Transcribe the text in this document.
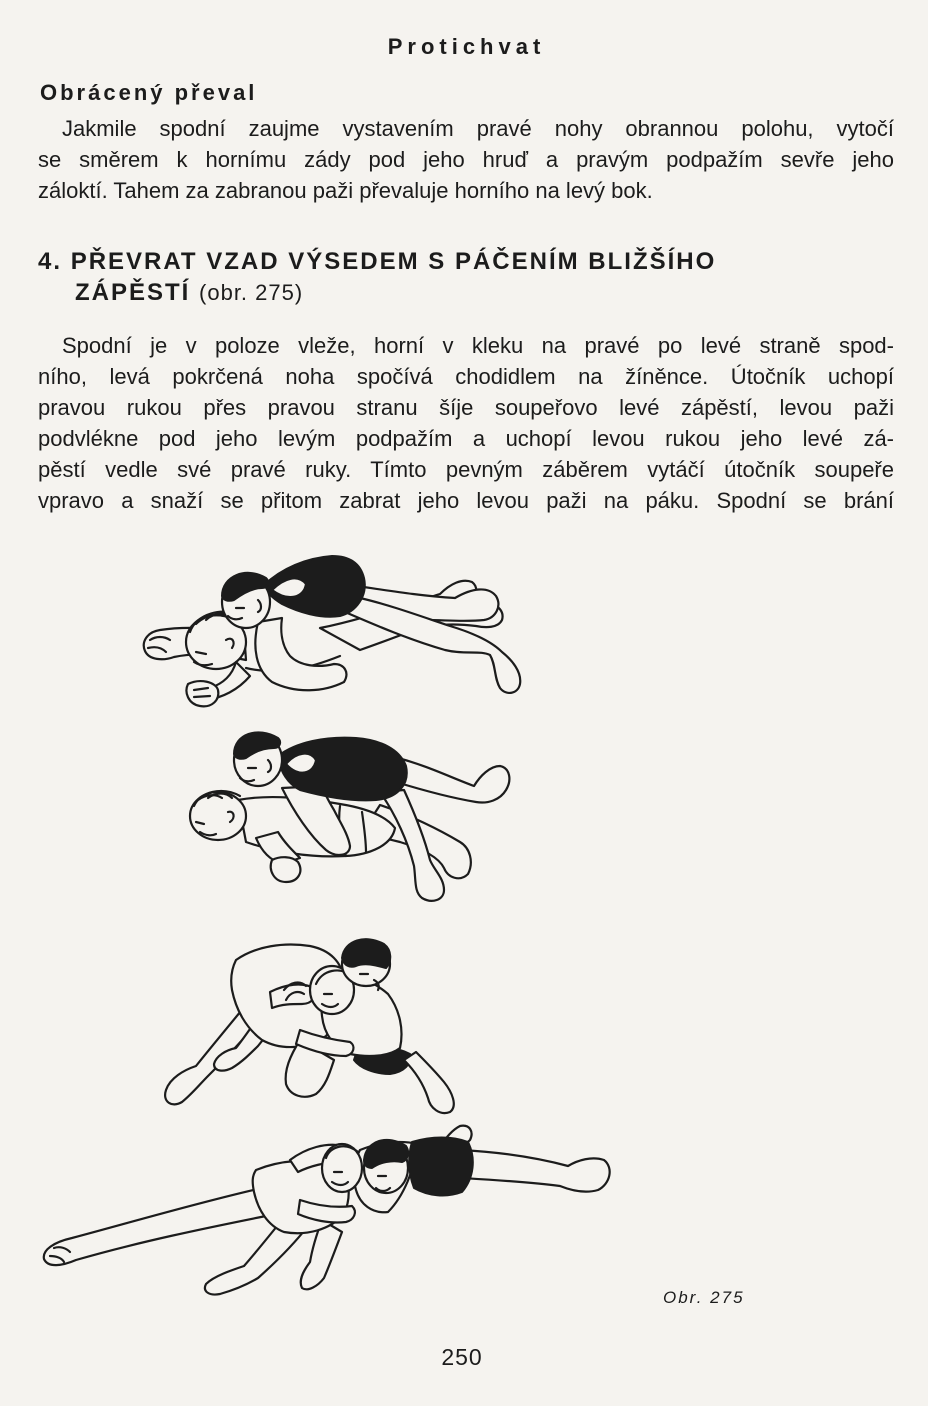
Protichvat
Obrácený převal
Jakmile spodní zaujme vystavením pravé nohy obrannou polohu, vytočí
se směrem k hornímu zády pod jeho hruď a pravým podpažím sevře jeho
záloktí. Tahem za zabranou paži převaluje horního na levý bok.
4. PŘEVRAT VZAD VÝSEDEM S PÁČENÍM BLIŽŠÍHO
ZÁPĚSTÍ (obr. 275)
Spodní je v poloze vleže, horní v kleku na pravé po levé straně spod-
ního, levá pokrčená noha spočívá chodidlem na žíněnce. Útočník uchopí
pravou rukou přes pravou stranu šíje soupeřovo levé zápěstí, levou paži
podvlékne pod jeho levým podpažím a uchopí levou rukou jeho levé zá-
pěstí vedle své pravé ruky. Tímto pevným záběrem vytáčí útočník soupeře
vpravo a snaží se přitom zabrat jeho levou paži na páku. Spodní se brání
Obr. 275
250
